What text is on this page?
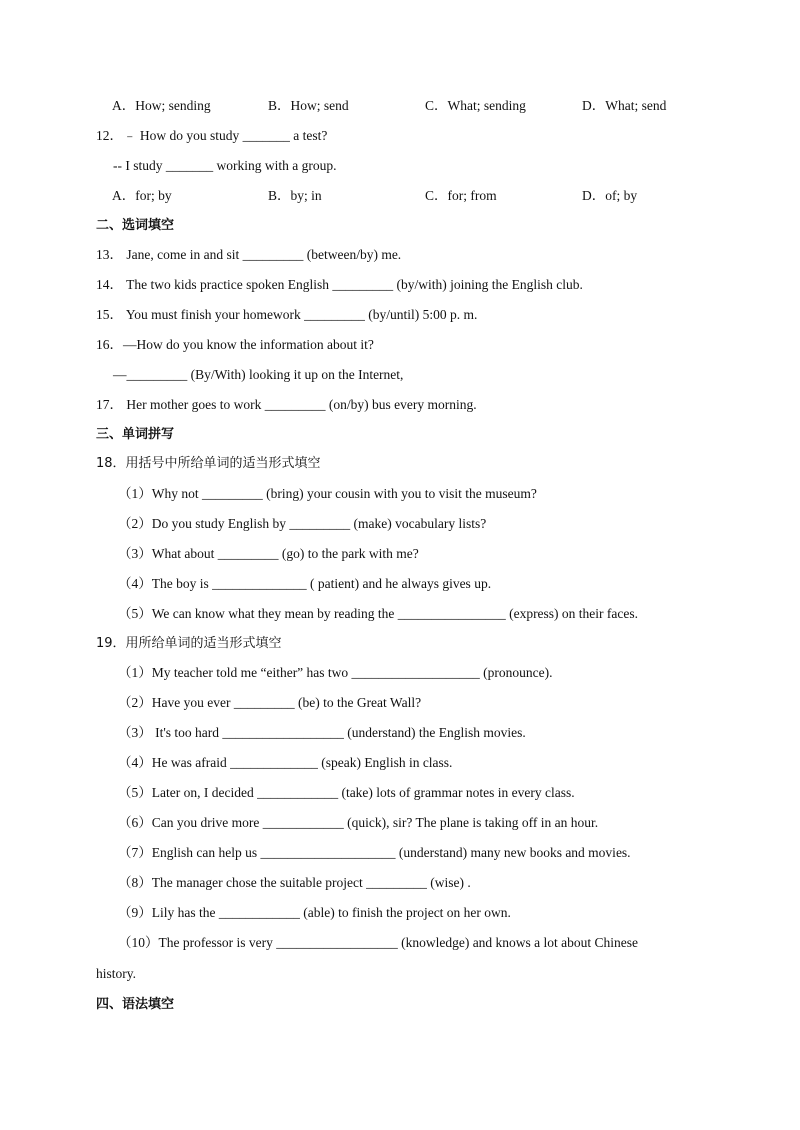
A．How; sending	B．How; send	C．What; sending	D．What; send
12．﹣ How do you study _______ a test?
-- I study _______ working with a group.
A．for; by	B．by; in	C．for; from	D．of; by
二、选词填空
13． Jane, come in and sit _________ (between/by) me.
14． The two kids practice spoken English _________ (by/with) joining the English club.
15． You must finish your homework _________ (by/until) 5:00 p. m.
16．—How do you know the information about it?
—_________ (By/With) looking it up on the Internet,
17． Her mother goes to work _________ (on/by) bus every morning.
三、单词拼写
18．用括号中所给单词的适当形式填空
（1）Why not _________ (bring) your cousin with you to visit the museum?
（2）Do you study English by _________ (make) vocabulary lists?
（3）What about _________ (go) to the park with me?
（4）The boy is ______________ ( patient) and he always gives up.
（5）We can know what they mean by reading the ________________ (express) on their faces.
19．用所给单词的适当形式填空
（1）My teacher told me “either” has two ___________________ (pronounce).
（2）Have you ever _________ (be) to the Great Wall?
（3） It's too hard __________________ (understand) the English movies.
（4）He was afraid _____________ (speak) English in class.
（5）Later on, I decided ____________ (take) lots of grammar notes in every class.
（6）Can you drive more ____________ (quick), sir? The plane is taking off in an hour.
（7）English can help us ____________________ (understand) many new books and movies.
（8）The manager chose the suitable project _________ (wise) .
（9）Lily has the ____________ (able) to finish the project on her own.
（10）The professor is very __________________ (knowledge) and knows a lot about Chinese
history.
四、语法填空
